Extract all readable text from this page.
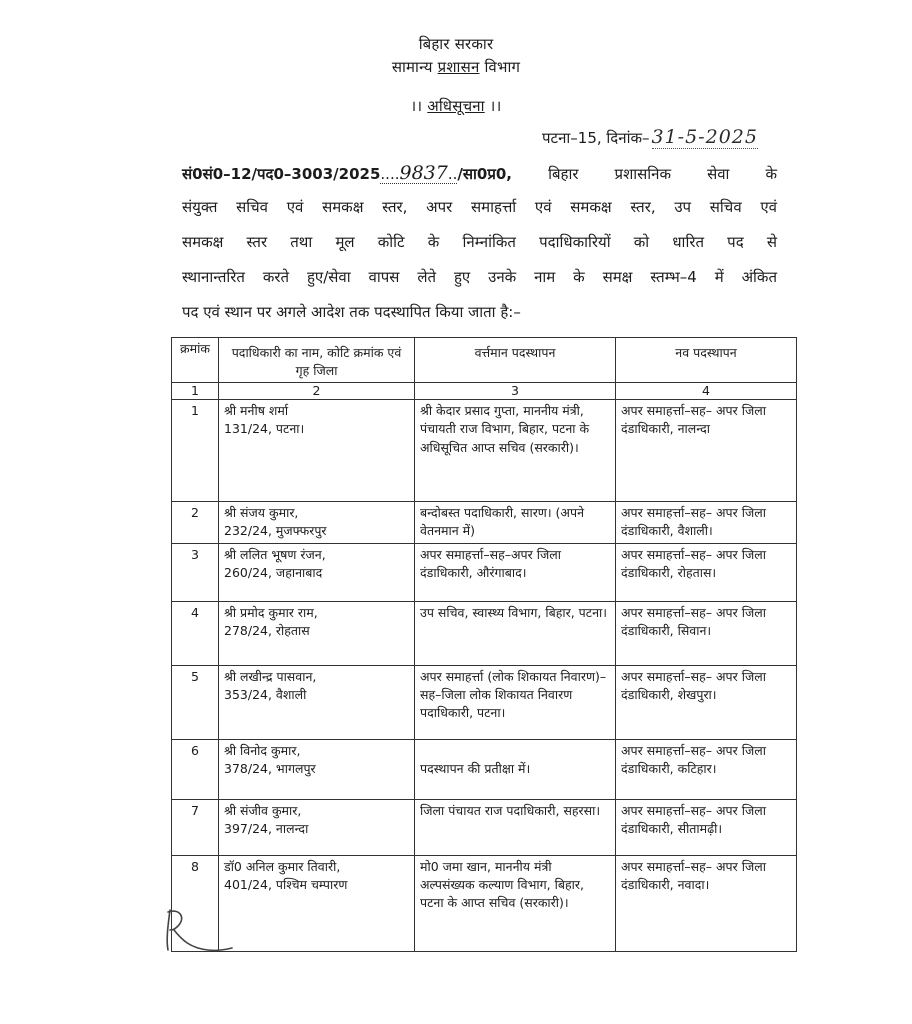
बिहार सरकार
सामान्य प्रशासन विभाग
।। अधिसूचना ।।
पटना–15, दिनांक– 31-5-2025
सं0सं0–12/पद0–3003/2025....9837../सा0प्र0, बिहार प्रशासनिक सेवा के
संयुक्त सचिव एवं समकक्ष स्तर, अपर समाहर्त्ता एवं समकक्ष स्तर, उप सचिव एवं
समकक्ष स्तर तथा मूल कोटि के निम्नांकित पदाधिकारियों को धारित पद से
स्थानान्तरित करते हुए/सेवा वापस लेते हुए उनके नाम के समक्ष स्तम्भ–4 में अंकित
पद एवं स्थान पर अगले आदेश तक पदस्थापित किया जाता है:–
क्रमांक	पदाधिकारी का नाम, कोटि क्रमांक एवं गृह जिला	वर्त्तमान पदस्थापन	नव पदस्थापन
1	2	3	4
1	श्री मनीष शर्मा
131/24, पटना।	श्री केदार प्रसाद गुप्ता, माननीय मंत्री, पंचायती राज विभाग, बिहार, पटना के अधिसूचित आप्त सचिव (सरकारी)।	अपर समाहर्त्ता–सह– अपर जिला दंडाधिकारी, नालन्दा
2	श्री संजय कुमार,
232/24, मुजफ्फरपुर	बन्दोबस्त पदाधिकारी, सारण। (अपने वेतनमान में)	अपर समाहर्त्ता–सह– अपर जिला दंडाधिकारी, वैशाली।
3	श्री ललित भूषण रंजन,
260/24, जहानाबाद	अपर समाहर्त्ता–सह–अपर जिला दंडाधिकारी, औरंगाबाद।	अपर समाहर्त्ता–सह– अपर जिला दंडाधिकारी, रोहतास।
4	श्री प्रमोद कुमार राम,
278/24, रोहतास	उप सचिव, स्वास्थ्य विभाग, बिहार, पटना।	अपर समाहर्त्ता–सह– अपर जिला दंडाधिकारी, सिवान।
5	श्री लखीन्द्र पासवान,
353/24, वैशाली	अपर समाहर्त्ता (लोक शिकायत निवारण)–सह–जिला लोक शिकायत निवारण पदाधिकारी, पटना।	अपर समाहर्त्ता–सह– अपर जिला दंडाधिकारी, शेखपुरा।
6	श्री विनोद कुमार,
378/24, भागलपुर	पदस्थापन की प्रतीक्षा में।	अपर समाहर्त्ता–सह– अपर जिला दंडाधिकारी, कटिहार।
7	श्री संजीव कुमार,
397/24, नालन्दा	जिला पंचायत राज पदाधिकारी, सहरसा।	अपर समाहर्त्ता–सह– अपर जिला दंडाधिकारी, सीतामढ़ी।
8	डॉ0 अनिल कुमार तिवारी,
401/24, पश्चिम चम्पारण	मो0 जमा खान, माननीय मंत्री अल्पसंख्यक कल्याण विभाग, बिहार, पटना के आप्त सचिव (सरकारी)।	अपर समाहर्त्ता–सह– अपर जिला दंडाधिकारी, नवादा।
